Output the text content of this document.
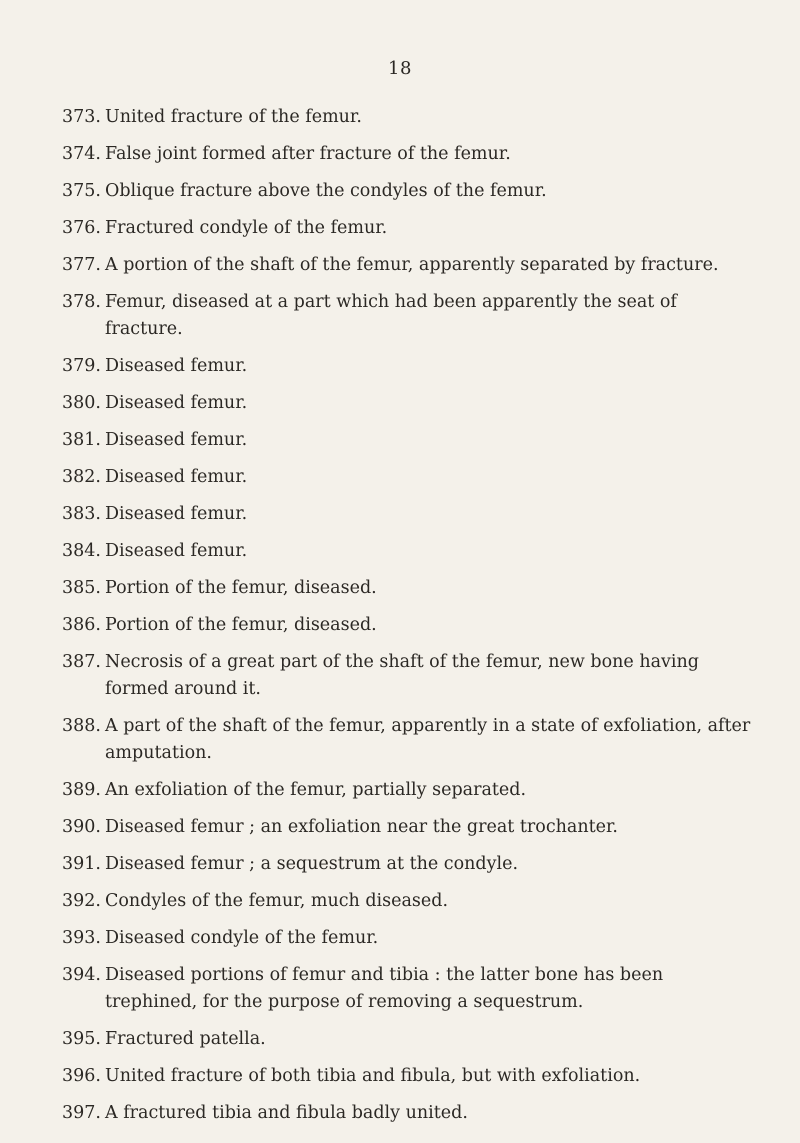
18
373. United fracture of the femur.
374. False joint formed after fracture of the femur.
375. Oblique fracture above the condyles of the femur.
376. Fractured condyle of the femur.
377. A portion of the shaft of the femur, apparently separated by fracture.
378. Femur, diseased at a part which had been apparently the seat of fracture.
379. Diseased femur.
380. Diseased femur.
381. Diseased femur.
382. Diseased femur.
383. Diseased femur.
384. Diseased femur.
385. Portion of the femur, diseased.
386. Portion of the femur, diseased.
387. Necrosis of a great part of the shaft of the femur, new bone having formed around it.
388. A part of the shaft of the femur, apparently in a state of exfoliation, after amputation.
389. An exfoliation of the femur, partially separated.
390. Diseased femur ; an exfoliation near the great trochanter.
391. Diseased femur ; a sequestrum at the condyle.
392. Condyles of the femur, much diseased.
393. Diseased condyle of the femur.
394. Diseased portions of femur and tibia : the latter bone has been trephined, for the purpose of removing a sequestrum.
395. Fractured patella.
396. United fracture of both tibia and fibula, but with exfoliation.
397. A fractured tibia and fibula badly united.
